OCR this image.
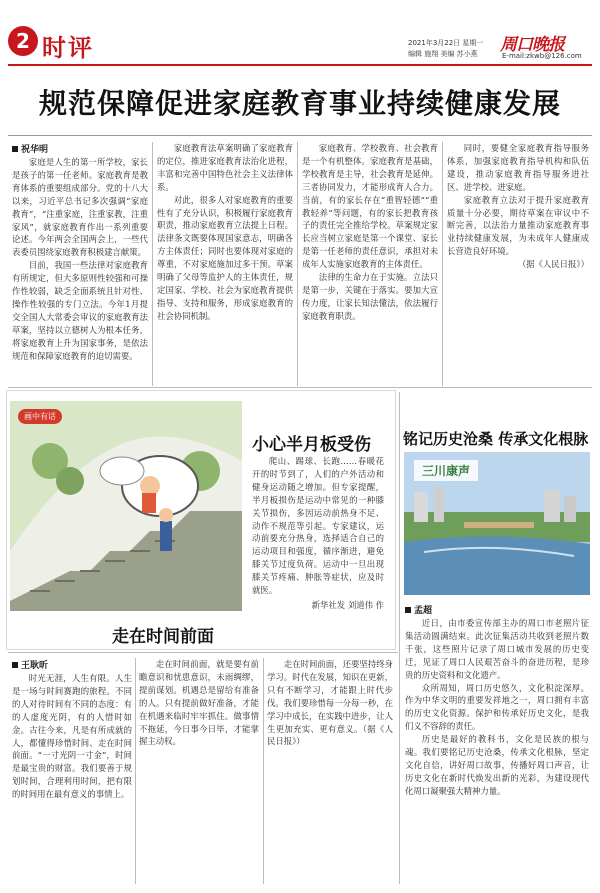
2 时评	2021年3月22日 星期一
编辑 施翔 美编 苏小燕	周口晚报
E-mail:zkwb@126.com
规范保障促进家庭教育事业持续健康发展
祝华明
家庭是人生的第一所学校，家长是孩子的第一任老师。家庭教育是教育体系的重要组成部分。党的十八大以来，习近平总书记多次强调“家庭教育”，“注重家庭，注重家教，注重家风”，就家庭教育作出一系列重要论述。今年两会全国两会上，一些代表委员围绕家庭教育积极建言献策。
目前，我国一些法律对家庭教育有所规定，但大多原则性较强和可操作性较弱，缺乏全面系统且针对性、操作性较强的专门立法。今年1月提交全国人大常委会审议的家庭教育法草案，坚持以立德树人为根本任务，将家庭教育上升为国家事务，是依法规范和保障家庭教育的迫切需要。
家庭教育法草案明确了家庭教育的定位，推进家庭教育法治化进程，丰富和完善中国特色社会主义法律体系。
对此，很多人对家庭教育的重要性有了充分认识，积极履行家庭教育职责，推动家庭教育立法提上日程。法律条文既要体现国家意志，明确各方主体责任；同时也要体现对家庭的尊重，不对家庭施加过多干预。草案明确了父母等监护人的主体责任，规定国家、学校、社会为家庭教育提供指导、支持和服务，形成家庭教育的社会协同机制。
家庭教育、学校教育、社会教育是一个有机整体。家庭教育是基础，学校教育是主导，社会教育是延伸。三者协同发力，才能形成育人合力。当前，有的家长存在“重智轻德”“重教轻养”等问题，有的家长把教育孩子的责任完全推给学校。草案规定家长应当树立家庭是第一个课堂、家长是第一任老师的责任意识，承担对未成年人实施家庭教育的主体责任。
法律的生命力在于实施。立法只是第一步，关键在于落实。要加大宣传力度，让家长知法懂法，依法履行家庭教育职责。
同时，要健全家庭教育指导服务体系，加强家庭教育指导机构和队伍建设，推动家庭教育指导服务进社区、进学校、进家庭。
家庭教育立法对于提升家庭教育质量十分必要，期待草案在审议中不断完善，以法治力量推动家庭教育事业持续健康发展，为未成年人健康成长营造良好环境。
（据《人民日报》）
画中有话
小心半月板受伤
爬山、踢球、长跑……春暖花开的时节到了，人们的户外活动和健身运动随之增加。但专家提醒，半月板损伤是运动中常见的一种膝关节损伤，多因运动前热身不足、动作不规范等引起。专家建议，运动前要充分热身，选择适合自己的运动项目和强度，循序渐进，避免膝关节过度负荷。运动中一旦出现膝关节疼痛、肿胀等症状，应及时就医。
新华社发 刘道伟 作
走在时间前面
王耿昕
时光无涯，人生有限。人生是一场与时间赛跑的旅程。不同的人对待时间有不同的态度：有的人虚度光阴，有的人惜时如金。古往今来，凡是有所成就的人，都懂得珍惜时间、走在时间前面。“一寸光阴一寸金”，时间是最宝贵的财富。我们要善于规划时间，合理利用时间，把有限的时间用在最有意义的事情上。
走在时间前面，就是要有前瞻意识和忧患意识，未雨绸缪，提前谋划。机遇总是留给有准备的人。只有提前做好准备，才能在机遇来临时牢牢抓住。做事情不拖延，今日事今日毕，才能掌握主动权。
走在时间前面，还要坚持终身学习。时代在发展，知识在更新，只有不断学习，才能跟上时代步伐。我们要珍惜每一分每一秒，在学习中成长，在实践中进步，让人生更加充实、更有意义。（据《人民日报》）
铭记历史沧桑 传承文化根脉
三川康声
孟超
近日，由市委宣传部主办的周口市老照片征集活动圆满结束。此次征集活动共收到老照片数千张，这些照片记录了周口城市发展的历史变迁，见证了周口人民艰苦奋斗的奋进历程，是珍贵的历史资料和文化遗产。
众所周知，周口历史悠久，文化积淀深厚。作为中华文明的重要发祥地之一，周口拥有丰富的历史文化资源。保护和传承好历史文化，是我们义不容辞的责任。
历史是最好的教科书，文化是民族的根与魂。我们要铭记历史沧桑，传承文化根脉，坚定文化自信，讲好周口故事，传播好周口声音，让历史文化在新时代焕发出新的光彩，为建设现代化周口凝聚强大精神力量。
